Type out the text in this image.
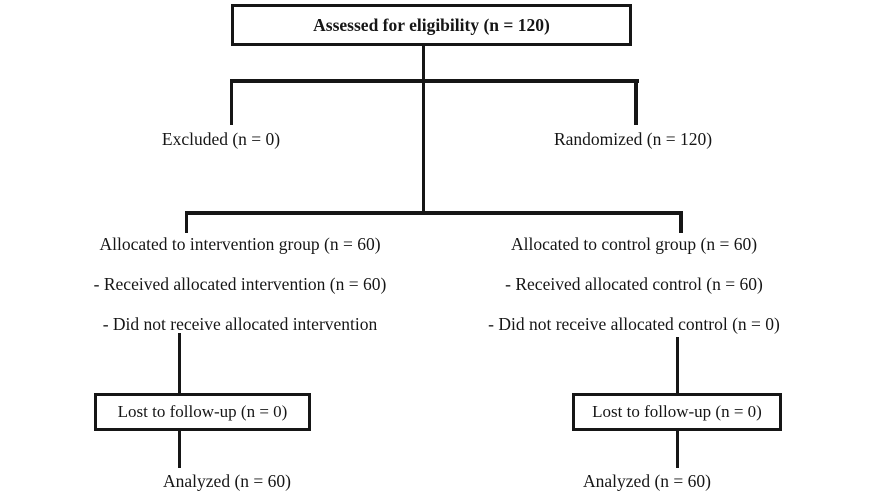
Assessed for eligibility (n = 120)
Excluded (n = 0)	Randomized (n = 120)
Allocated to intervention group (n = 60)
- Received allocated intervention (n = 60)
- Did not receive allocated intervention
Allocated to control group (n = 60)
- Received allocated control (n = 60)
- Did not receive allocated control (n = 0)
Lost to follow-up (n = 0)
Analyzed (n = 60)
Lost to follow-up (n = 0)
Analyzed (n = 60)
